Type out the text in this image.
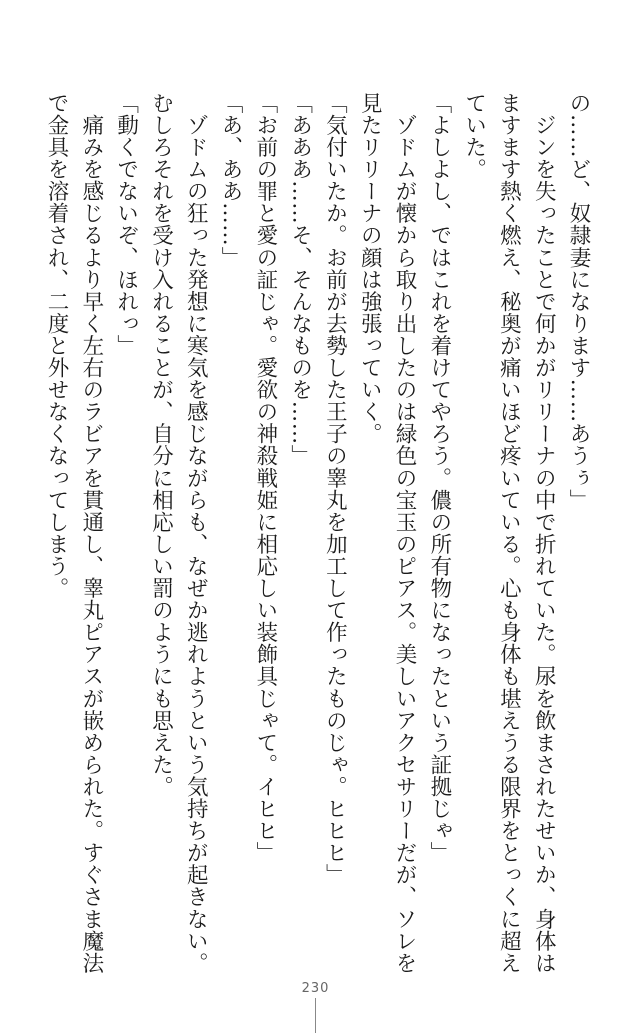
の……ど、奴隷妻になります……あうぅ」
　ジンを失ったことで何かがリリーナの中で折れていた。尿を飲まされたせいか、身体は
ますます熱く燃え、秘奥が痛いほど疼いている。心も身体も堪えうる限界をとっくに超え
ていた。
「よしよし、ではこれを着けてやろう。儂の所有物になったという証拠じゃ」
　ゾドムが懐から取り出したのは緑色の宝玉のピアス。美しいアクセサリーだが、ソレを
見たリリーナの顔は強張っていく。
「気付いたか。お前が去勢した王子の睾丸を加工して作ったものじゃ。ヒヒヒ」
「あああ……そ、そんなものを……」
「お前の罪と愛の証じゃ。愛欲の神殺戦姫に相応しい装飾具じゃて。イヒヒ」
「あ、ああ……」
　ゾドムの狂った発想に寒気を感じながらも、なぜか逃れようという気持ちが起きない。
むしろそれを受け入れることが、自分に相応しい罰のようにも思えた。
「動くでないぞ、ほれっ」
　痛みを感じるより早く左右のラビアを貫通し、睾丸ピアスが嵌められた。すぐさま魔法
で金具を溶着され、二度と外せなくなってしまう。
230
